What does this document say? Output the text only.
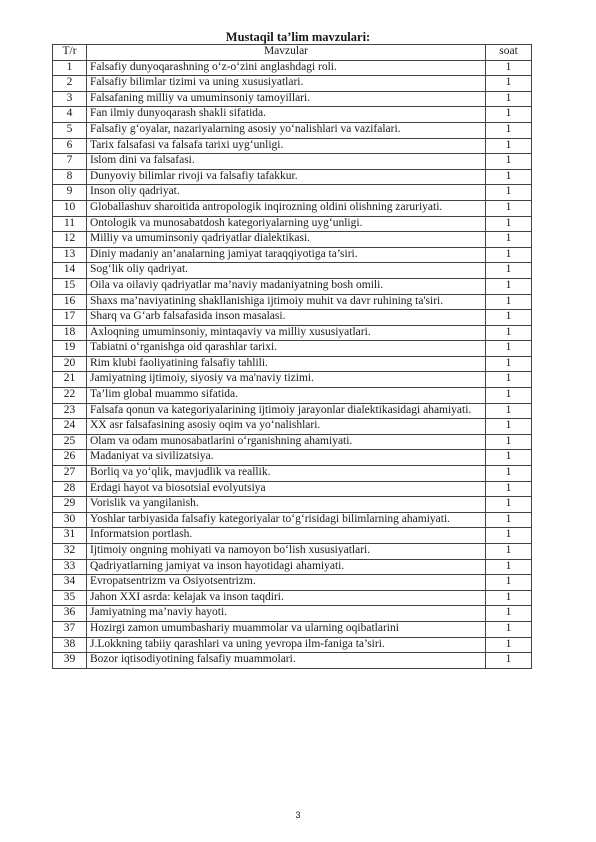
Mustaqil ta’lim mavzulari:
T/r	Mavzular	soat
1	Falsafiy dunyoqarashning o‘z-o‘zini anglashdagi roli.	1
2	Falsafiy bilimlar tizimi va uning xususiyatlari.	1
3	Falsafaning milliy va umuminsoniy tamoyillari.	1
4	Fan ilmiy dunyoqarash shakli sifatida.	1
5	Falsafiy g‘oyalar, nazariyalarning asosiy yo‘nalishlari va vazifalari.	1
6	Tarix falsafasi va falsafa tarixi uyg‘unligi.	1
7	Islom dini va falsafasi.	1
8	Dunyoviy bilimlar rivoji va falsafiy tafakkur.	1
9	Inson oliy qadriyat.	1
10	Globallashuv sharoitida antropologik inqirozning oldini olishning zaruriyati.	1
11	Ontologik va munosabatdosh kategoriyalarning uyg‘unligi.	1
12	Milliy va umuminsoniy qadriyatlar dialektikasi.	1
13	Diniy madaniy an’analarning jamiyat taraqqiyotiga ta’siri.	1
14	Sog‘lik oliy qadriyat.	1
15	Oila va oilaviy qadriyatlar ma’naviy madaniyatning bosh omili.	1
16	Shaxs ma’naviyatining shakllanishiga ijtimoiy muhit va davr ruhining ta'siri.	1
17	Sharq va G‘arb falsafasida inson masalasi.	1
18	Axloqning umuminsoniy, mintaqaviy va milliy xususiyatlari.	1
19	Tabiatni o‘rganishga oid qarashlar tarixi.	1
20	Rim klubi faoliyatining falsafiy tahlili.	1
21	Jamiyatning ijtimoiy, siyosiy va ma'naviy tizimi.	1
22	Ta’lim global muammo sifatida.	1
23	Falsafa qonun va kategoriyalarining ijtimoiy jarayonlar dialektikasidagi ahamiyati.	1
24	XX asr falsafasining asosiy oqim va yo‘nalishlari.	1
25	Olam va odam munosabatlarini o‘rganishning ahamiyati.	1
26	Madaniyat va sivilizatsiya.	1
27	Borliq va yo‘qlik, mavjudlik va reallik.	1
28	Erdagi hayot va biosotsial evolyutsiya	1
29	Vorislik va yangilanish.	1
30	Yoshlar tarbiyasida falsafiy kategoriyalar to‘g‘risidagi bilimlarning ahamiyati.	1
31	Informatsion portlash.	1
32	Ijtimoiy ongning mohiyati va namoyon bo‘lish xususiyatlari.	1
33	Qadriyatlarning jamiyat va inson hayotidagi ahamiyati.	1
34	Evropatsentrizm va Osiyotsentrizm.	1
35	Jahon XXI asrda: kelajak va inson taqdiri.	1
36	Jamiyatning ma’naviy hayoti.	1
37	Hozirgi zamon umumbashariy muammolar va ularning oqibatlarini	1
38	J.Lokkning tabiiy qarashlari va uning yevropa ilm-faniga ta’siri.	1
39	Bozor iqtisodiyotining falsafiy muammolari.	1
3
